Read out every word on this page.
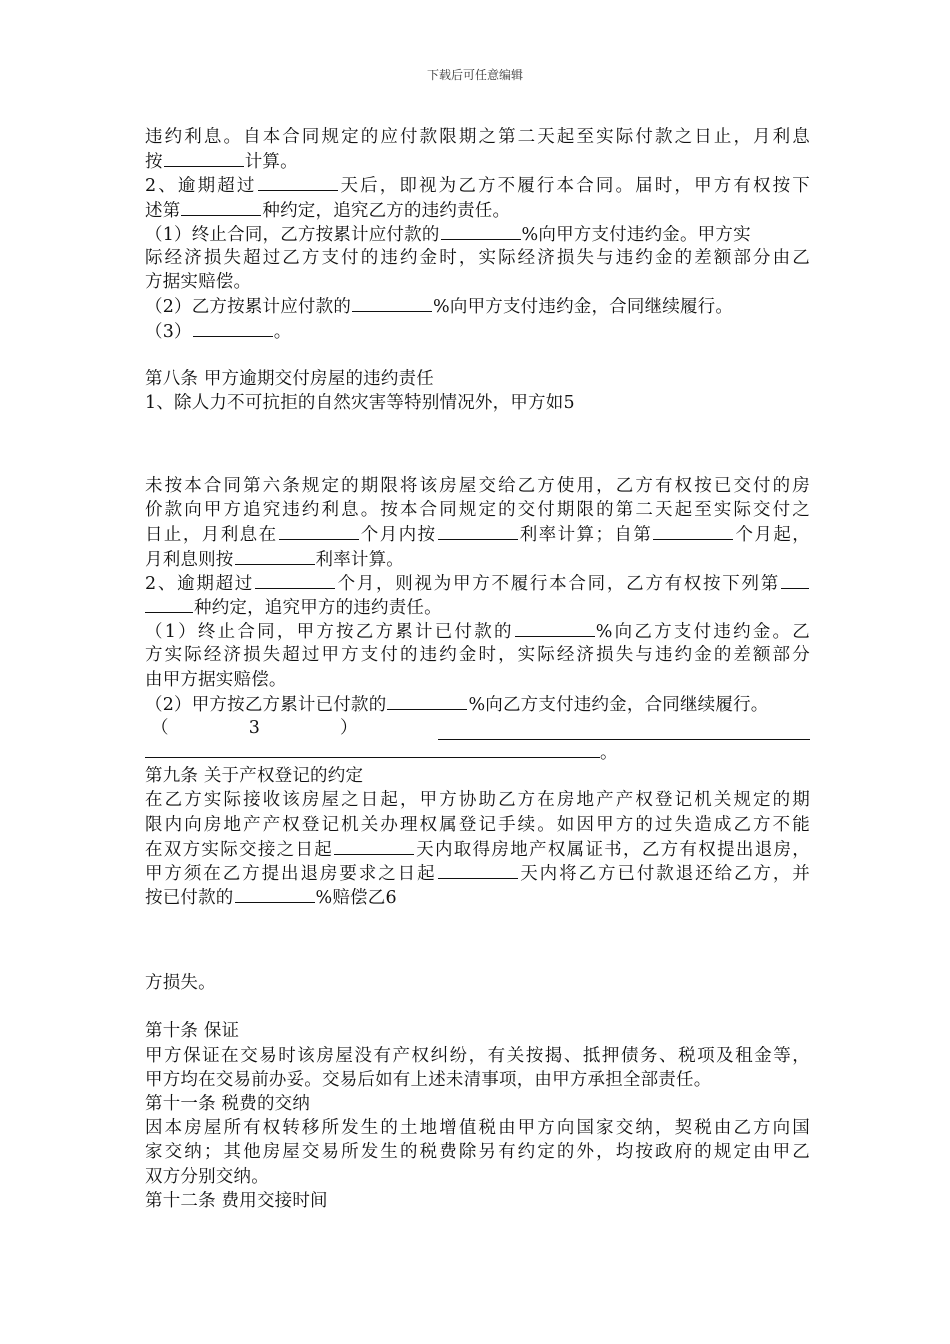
下载后可任意编辑
违约利息。自本合同规定的应付款限期之第二天起至实际付款之日止，月利息
按	计算。
2、逾期超过	天后，即视为乙方不履行本合同。届时，甲方有权按下
述第	种约定，追究乙方的违约责任。
（1）终止合同，乙方按累计应付款的	%向甲方支付违约金。甲方实
际经济损失超过乙方支付的违约金时，实际经济损失与违约金的差额部分由乙
方据实赔偿。
（2）乙方按累计应付款的	%向甲方支付违约金，合同继续履行。
（3）	。
第八条 甲方逾期交付房屋的违约责任
1、除人力不可抗拒的自然灾害等特别情况外，甲方如5
未按本合同第六条规定的期限将该房屋交给乙方使用，乙方有权按已交付的房
价款向甲方追究违约利息。按本合同规定的交付期限的第二天起至实际交付之
日止，月利息在	个月内按	利率计算；自第	个月起，
月利息则按	利率计算。
2、逾期超过	个月，则视为甲方不履行本合同，乙方有权按下列第
种约定，追究甲方的违约责任。
（1）终止合同，甲方按乙方累计已付款的	%向乙方支付违约金。乙
方实际经济损失超过甲方支付的违约金时，实际经济损失与违约金的差额部分
由甲方据实赔偿。
（2）甲方按乙方累计已付款的	%向乙方支付违约金，合同继续履行。
（	3	）
。
第九条 关于产权登记的约定
在乙方实际接收该房屋之日起，甲方协助乙方在房地产产权登记机关规定的期
限内向房地产产权登记机关办理权属登记手续。如因甲方的过失造成乙方不能
在双方实际交接之日起	天内取得房地产权属证书，乙方有权提出退房，
甲方须在乙方提出退房要求之日起	天内将乙方已付款退还给乙方，并
按已付款的	%赔偿乙6
方损失。
第十条 保证
甲方保证在交易时该房屋没有产权纠纷，有关按揭、抵押债务、税项及租金等，
甲方均在交易前办妥。交易后如有上述未清事项，由甲方承担全部责任。
第十一条 税费的交纳
因本房屋所有权转移所发生的土地增值税由甲方向国家交纳，契税由乙方向国
家交纳；其他房屋交易所发生的税费除另有约定的外，均按政府的规定由甲乙
双方分别交纳。
第十二条 费用交接时间
